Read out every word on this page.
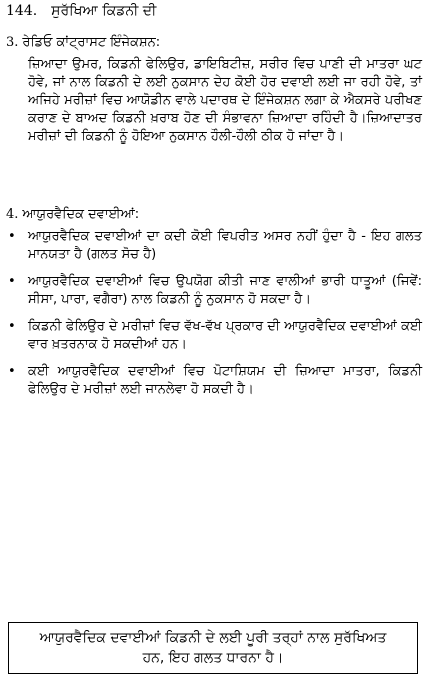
144. ਸੁਰੱਖਿਆ ਕਿਡਨੀ ਦੀ
3. ਰੇਡਿਓ ਕਾਂਟ੍ਰਾਸਟ ਇੰਜੇਕਸ਼ਨ:
ਜ਼ਿਆਦਾ ਉਮਰ, ਕਿਡਨੀ ਫੇਲਿਉਰ, ਡਾਇਬਿਟੀਜ਼, ਸਰੀਰ ਵਿਚ ਪਾਣੀ ਦੀ ਮਾਤਰਾ ਘਟ ਹੋਵੇ, ਜਾਂ ਨਾਲ ਕਿਡਨੀ ਦੇ ਲਈ ਨੁਕਸਾਨ ਦੇਹ ਕੋਈ ਹੋਰ ਦਵਾਈ ਲਈ ਜਾ ਰਹੀ ਹੋਵੇ, ਤਾਂ ਅਜਿਹੇ ਮਰੀਜ਼ਾਂ ਵਿਚ ਆਯੋਡੀਨ ਵਾਲੇ ਪਦਾਰਥ ਦੇ ਇੰਜੇਕਸ਼ਨ ਲਗਾ ਕੇ ਐਕਸਰੇ ਪਰੀਖਣ ਕਰਾਣ ਦੇ ਬਾਅਦ ਕਿਡਨੀ ਖ਼ਰਾਬ ਹੋਣ ਦੀ ਸੰਭਾਵਨਾ ਜ਼ਿਆਦਾ ਰਹਿੰਦੀ ਹੈ।ਜ਼ਿਆਦਾਤਰ ਮਰੀਜ਼ਾਂ ਦੀ ਕਿਡਨੀ ਨੂੰ ਹੋਇਆ ਨੁਕਸਾਨ ਹੌਲੀ-ਹੌਲੀ ਠੀਕ ਹੋ ਜਾਂਦਾ ਹੈ।
4. ਆਯੁਰਵੈਦਿਕ ਦਵਾਈਆਂ:
• ਆਯੁਰਵੈਦਿਕ ਦਵਾਈਆਂ ਦਾ ਕਦੀ ਕੋਈ ਵਿਪਰੀਤ ਅਸਰ ਨਹੀਂ ਹੁੰਦਾ ਹੈ - ਇਹ ਗਲਤ ਮਾਨਯਤਾ ਹੈ (ਗਲਤ ਸੋਚ ਹੈ)
• ਆਯੁਰਵੈਦਿਕ ਦਵਾਈਆਂ ਵਿਚ ਉਪਯੋਗ ਕੀਤੀ ਜਾਣ ਵਾਲੀਆਂ ਭਾਰੀ ਧਾਤੂਆਂ (ਜਿਵੇਂ: ਸੀਸਾ, ਪਾਰਾ, ਵਗੈਰਾ) ਨਾਲ ਕਿਡਨੀ ਨੂੰ ਨੁਕਸਾਨ ਹੋ ਸਕਦਾ ਹੈ।
• ਕਿਡਨੀ ਫੇਲਿਉਰ ਦੇ ਮਰੀਜ਼ਾਂ ਵਿਚ ਵੱਖ-ਵੱਖ ਪ੍ਰਕਾਰ ਦੀ ਆਯੁਰਵੈਦਿਕ ਦਵਾਈਆਂ ਕਈ ਵਾਰ ਖ਼ਤਰਨਾਕ ਹੋ ਸਕਦੀਆਂ ਹਨ।
• ਕਈ ਆਯੁਰਵੈਦਿਕ ਦਵਾਈਆਂ ਵਿਚ ਪੋਟਾਸ਼ਿਯਮ ਦੀ ਜ਼ਿਆਦਾ ਮਾਤਰਾ, ਕਿਡਨੀ ਫੇਲਿਉਰ ਦੇ ਮਰੀਜ਼ਾਂ ਲਈ ਜਾਨਲੇਵਾ ਹੋ ਸਕਦੀ ਹੈ।
ਆਯੁਰਵੈਦਿਕ ਦਵਾਈਆਂ ਕਿਡਨੀ ਦੇ ਲਈ ਪੂਰੀ ਤਰ੍ਹਾਂ ਨਾਲ ਸੁਰੱਖਿਅਤ ਹਨ, ਇਹ ਗਲਤ ਧਾਰਨਾ ਹੈ।
